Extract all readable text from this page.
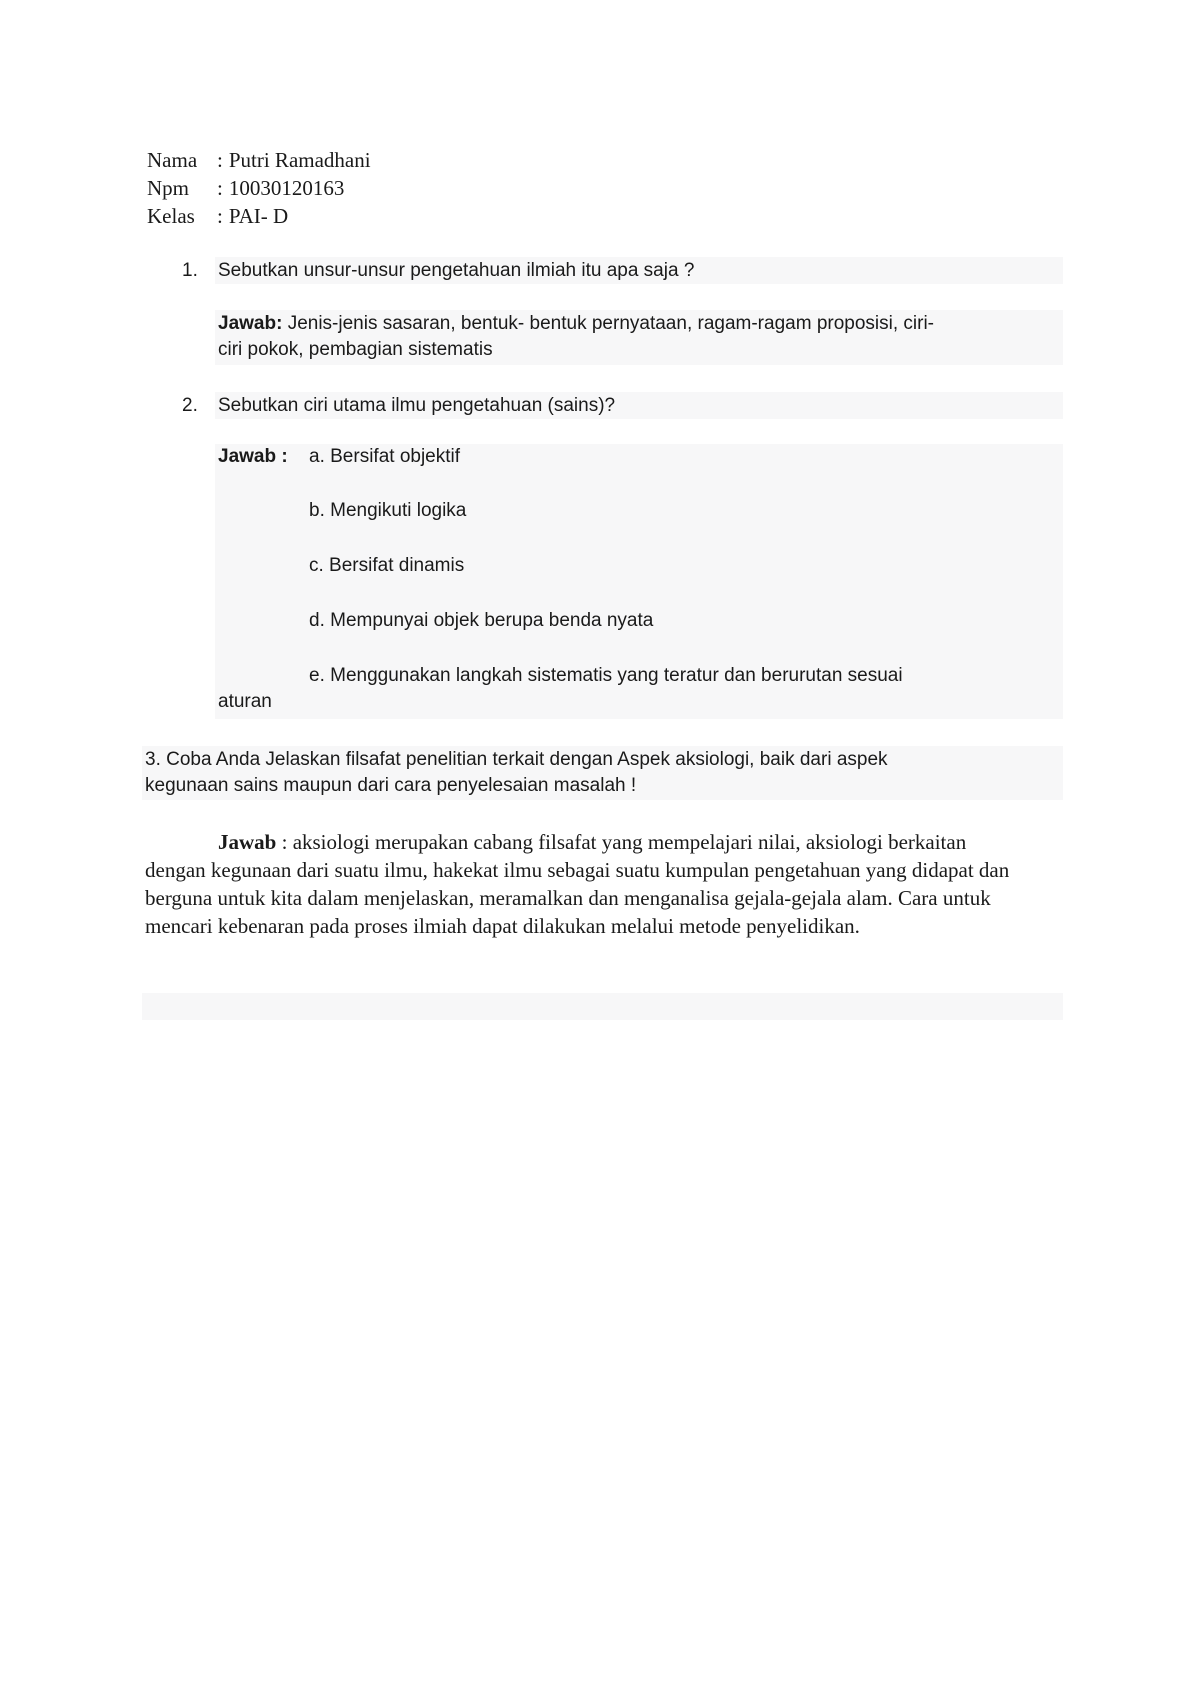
Nama : Putri Ramadhani
Npm	: 10030120163
Kelas	: PAI- D
1. Sebutkan unsur-unsur pengetahuan ilmiah itu apa saja ?
Jawab: Jenis-jenis sasaran, bentuk- bentuk pernyataan, ragam-ragam proposisi, ciri-
ciri pokok, pembagian sistematis
2. Sebutkan ciri utama ilmu pengetahuan (sains)?
Jawab : a. Bersifat objektif
b. Mengikuti logika
c. Bersifat dinamis
d. Mempunyai objek berupa benda nyata
e. Menggunakan langkah sistematis yang teratur dan berurutan sesuai
aturan
3. Coba Anda Jelaskan filsafat penelitian terkait dengan Aspek aksiologi, baik dari aspek
kegunaan sains maupun dari cara penyelesaian masalah !
Jawab : aksiologi merupakan cabang filsafat yang mempelajari nilai, aksiologi berkaitan dengan kegunaan dari suatu ilmu, hakekat ilmu sebagai suatu kumpulan pengetahuan yang didapat dan berguna untuk kita dalam menjelaskan, meramalkan dan menganalisa gejala-gejala alam. Cara untuk mencari kebenaran pada proses ilmiah dapat dilakukan melalui metode penyelidikan.
